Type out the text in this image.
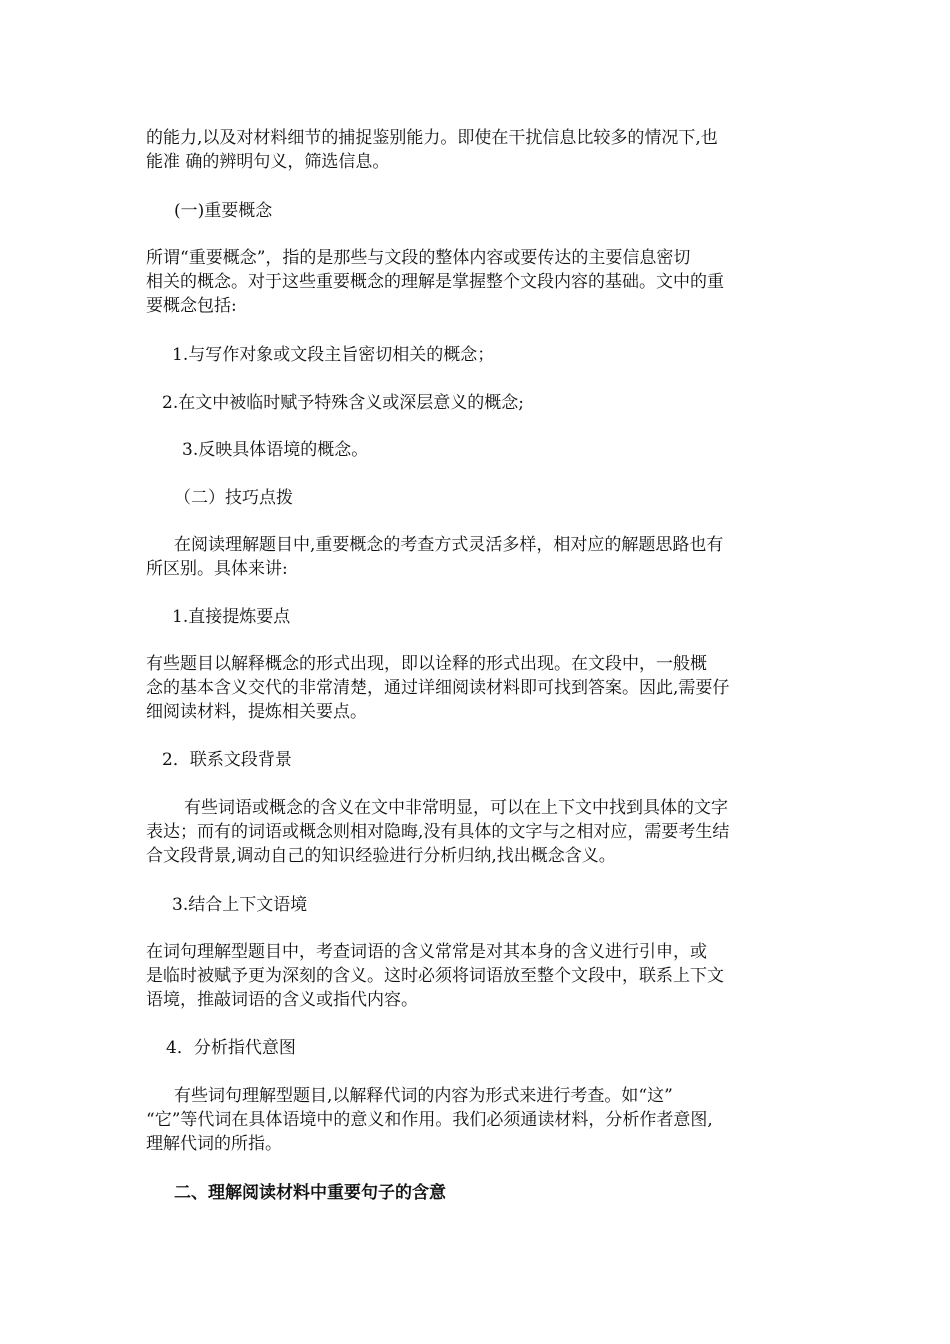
的能力,以及对材料细节的捕捉鉴别能力。即使在干扰信息比较多的情况下,也
能准 确的辨明句义，筛选信息。
(一)重要概念
所谓“重要概念”，指的是那些与文段的整体内容或要传达的主要信息密切
相关的概念。对于这些重要概念的理解是掌握整个文段内容的基础。文中的重
要概念包括:
1.与写作对象或文段主旨密切相关的概念；
2.在文中被临时赋予特殊含义或深层意义的概念;
3.反映具体语境的概念。
（二）技巧点拨
在阅读理解题目中,重要概念的考查方式灵活多样，相对应的解题思路也有
所区别。具体来讲:
1.直接提炼要点
有些题目以解释概念的形式出现，即以诠释的形式出现。在文段中，一般概
念的基本含义交代的非常清楚，通过详细阅读材料即可找到答案。因此,需要仔
细阅读材料，提炼相关要点。
2．联系文段背景
有些词语或概念的含义在文中非常明显，可以在上下文中找到具体的文字
表达；而有的词语或概念则相对隐晦,没有具体的文字与之相对应，需要考生结
合文段背景,调动自己的知识经验进行分析归纳,找出概念含义。
3.结合上下文语境
在词句理解型题目中，考查词语的含义常常是对其本身的含义进行引申，或
是临时被赋予更为深刻的含义。这时必须将词语放至整个文段中，联系上下文
语境，推敲词语的含义或指代内容。
4．分析指代意图
有些词句理解型题目,以解释代词的内容为形式来进行考查。如“这”
“它”等代词在具体语境中的意义和作用。我们必须通读材料，分析作者意图,
理解代词的所指。
二、理解阅读材料中重要句子的含意
